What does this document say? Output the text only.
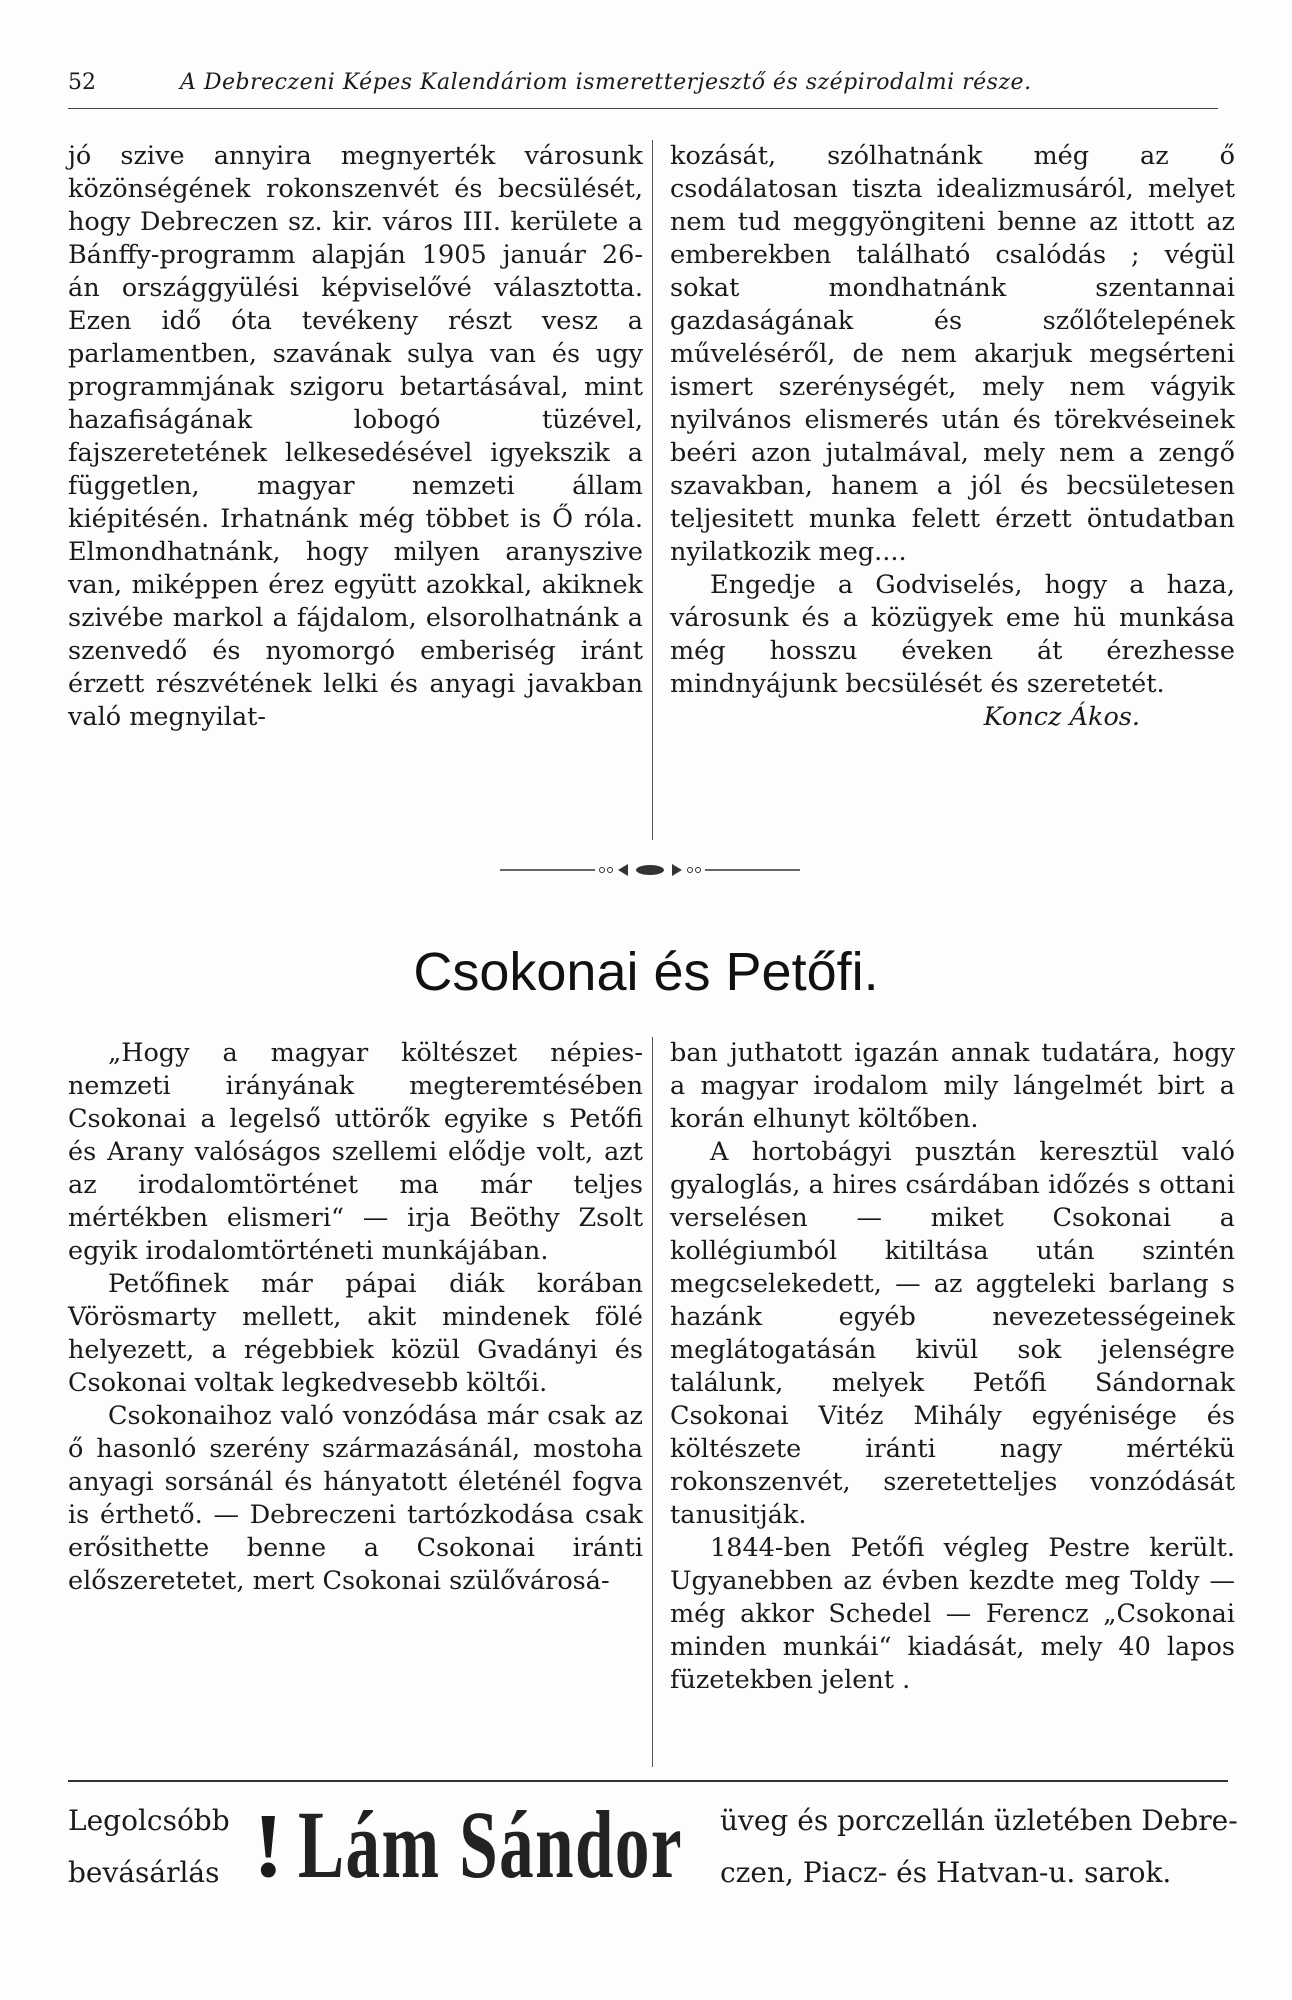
52	A Debreczeni Képes Kalendáriom ismeretterjesztő és szépirodalmi része.

jó szive annyira megnyerték városunk közönségének rokonszenvét és becsülését, hogy Debreczen sz. kir. város III. kerülete a Bánffy-programm alapján 1905 január 26-án országgyülési képviselővé választotta. Ezen idő óta tevékeny részt vesz a parlamentben, szavának sulya van és ugy programmjának szigoru betartásával, mint hazafiságának lobogó tüzével, fajszeretetének lelkesedésével igyekszik a független, magyar nemzeti állam kiépitésén. Irhatnánk még többet is Ő róla. Elmondhatnánk, hogy milyen aranyszive van, miképpen érez együtt azokkal, akiknek szivébe markol a fájdalom, elsorolhatnánk a szenvedő és nyomorgó emberiség iránt érzett részvétének lelki és anyagi javakban való megnyilat-

kozását, szólhatnánk még az ő csodálatosan tiszta idealizmusáról, melyet nem tud meggyöngiteni benne az ittott az emberekben található csalódás ; végül sokat mondhatnánk szentannai gazdaságának és szőlőtelepének műveléséről, de nem akarjuk megsérteni ismert szerénységét, mely nem vágyik nyilvános elismerés után és törekvéseinek beéri azon jutalmával, mely nem a zengő szavakban, hanem a jól és becsületesen teljesitett munka felett érzett öntudatban nyilatkozik meg....

Engedje a Godviselés, hogy a haza, városunk és a közügyek eme hü munkása még hosszu éveken át érezhesse mindnyájunk becsülését és szeretetét.

Koncz Ákos.

Csokonai és Petőfi.

„Hogy a magyar költészet népies-nemzeti irányának megteremtésében Csokonai a legelső uttörők egyike s Petőfi és Arany valóságos szellemi elődje volt, azt az irodalomtörténet ma már teljes mértékben elismeri“ — irja Beöthy Zsolt egyik irodalomtörténeti munkájában.

Petőfinek már pápai diák korában Vörösmarty mellett, akit mindenek fölé helyezett, a régebbiek közül Gvadányi és Csokonai voltak legkedvesebb költői.

Csokonaihoz való vonzódása már csak az ő hasonló szerény származásánál, mostoha anyagi sorsánál és hányatott életénél fogva is érthető. — Debreczeni tartózkodása csak erősithette benne a Csokonai iránti előszeretetet, mert Csokonai szülővárosá-

ban juthatott igazán annak tudatára, hogy a magyar irodalom mily lángelmét birt a korán elhunyt költőben.

A hortobágyi pusztán keresztül való gyaloglás, a hires csárdában időzés s ottani verselésen — miket Csokonai a kollégiumból kitiltása után szintén megcselekedett, — az aggteleki barlang s hazánk egyéb nevezetességeinek meglátogatásán kivül sok jelenségre találunk, melyek Petőfi Sándornak Csokonai Vitéz Mihály egyénisége és költészete iránti nagy mértékü rokonszenvét, szeretetteljes vonzódását tanusitják.

1844-ben Petőfi végleg Pestre került. Ugyanebben az évben kezdte meg Toldy — még akkor Schedel — Ferencz „Csokonai minden munkái“ kiadását, mely 40 lapos füzetekben jelent .

Legolcsóbb
bevásárlás ! Lám Sándor üveg és porczellán üzletében Debre-
czen, Piacz- és Hatvan-u. sarok.
